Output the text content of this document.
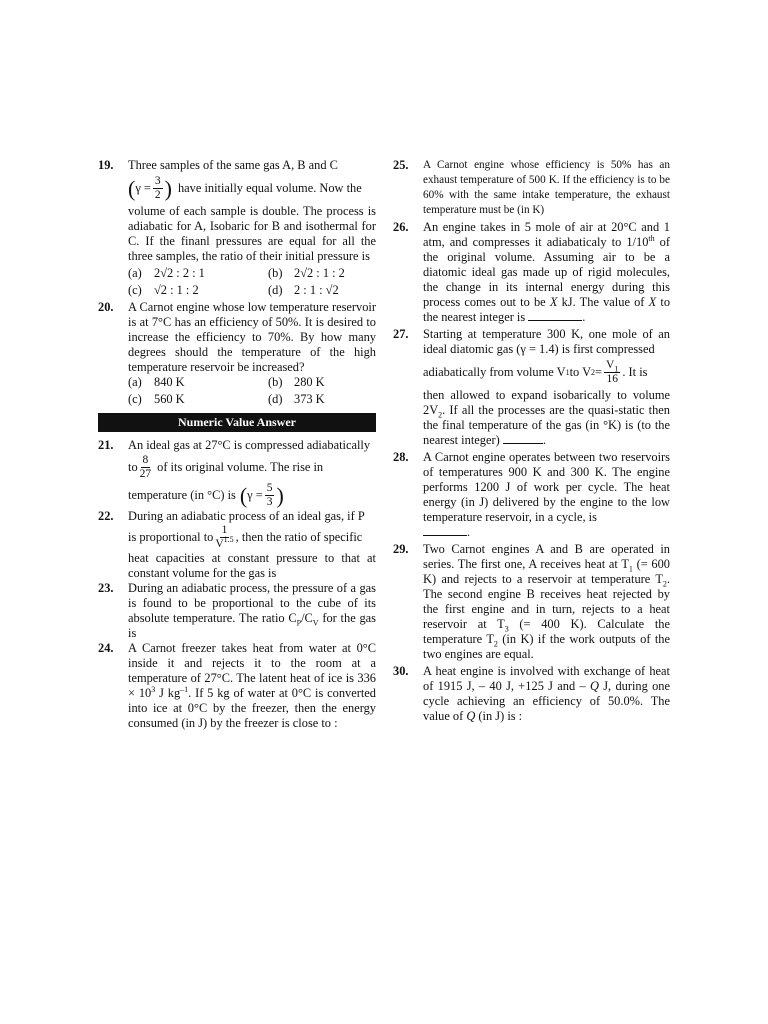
19. Three samples of the same gas A, B and C
( $\gamma = \frac{3}{2}$ ) have initially equal volume. Now the
volume of each sample is double. The process is adiabatic for A, Isobaric for B and isothermal for C. If the finanl pressures are equal for all the three samples, the ratio of their initial pressure is
(a) 2√2 : 2 : 1	(b) 2√2 : 1 : 2
(c) √2 : 1 : 2	(d) 2 : 1 : √2
20. A Carnot engine whose low temperature reservoir is at 7°C has an efficiency of 50%. It is desired to increase the efficiency to 70%. By how many degrees should the temperature of the high temperature reservoir be increased?
(a) 840 K	(b) 280 K
(c) 560 K	(d) 373 K
Numeric Value Answer
21. An ideal gas at 27°C is compressed adiabatically
to $\frac{8}{27}$ of its original volume. The rise in
temperature (in °C) is ( $\gamma = \frac{5}{3}$ )
22. During an adiabatic process of an ideal gas, if P
is proportional to $\frac{1}{V^{1.5}}$ , then the ratio of specific
heat capacities at constant pressure to that at constant volume for the gas is
23. During an adiabatic process, the pressure of a gas is found to be proportional to the cube of its absolute temperature. The ratio $C_P/C_V$ for the gas is
24. A Carnot freezer takes heat from water at 0°C inside it and rejects it to the room at a temperature of 27°C. The latent heat of ice is $336 \times 10^3$ J $kg^{-1}$. If 5 kg of water at 0°C is converted into ice at 0°C by the freezer, then the energy consumed (in J) by the freezer is close to :
25. A Carnot engine whose efficiency is 50% has an exhaust temperature of 500 K. If the efficiency is to be 60% with the same intake temperature, the exhaust temperature must be (in K)
26. An engine takes in 5 mole of air at 20°C and 1 atm, and compresses it adiabaticaly to 1/10th of the original volume. Assuming air to be a diatomic ideal gas made up of rigid molecules, the change in its internal energy during this process comes out to be X kJ. The value of X to the nearest integer is	.
27. Starting at temperature 300 K, one mole of an ideal diatomic gas (γ = 1.4) is first compressed
adiabatically from volume V 1 to V $2 = \frac{V_1}{16}$ . It is
then allowed to expand isobarically to volume $2V_2$. If all the processes are the quasi-static then the final temperature of the gas (in °K) is (to the nearest integer)	.
28. A Carnot engine operates between two reservoirs of temperatures 900 K and 300 K. The engine performs 1200 J of work per cycle. The heat energy (in J) delivered by the engine to the low temperature reservoir, in a cycle, is
.
29. Two Carnot engines A and B are operated in series. The first one, A receives heat at $T_1$ (= 600 K) and rejects to a reservoir at temperature $T_2$. The second engine B receives heat rejected by the first engine and in turn, rejects to a heat reservoir at $T_3$ (= 400 K). Calculate the temperature $T_2$ (in K) if the work outputs of the two engines are equal.
30. A heat engine is involved with exchange of heat of 1915 J, – 40 J, +125 J and – Q J, during one cycle achieving an efficiency of 50.0%. The value of Q (in J) is :
